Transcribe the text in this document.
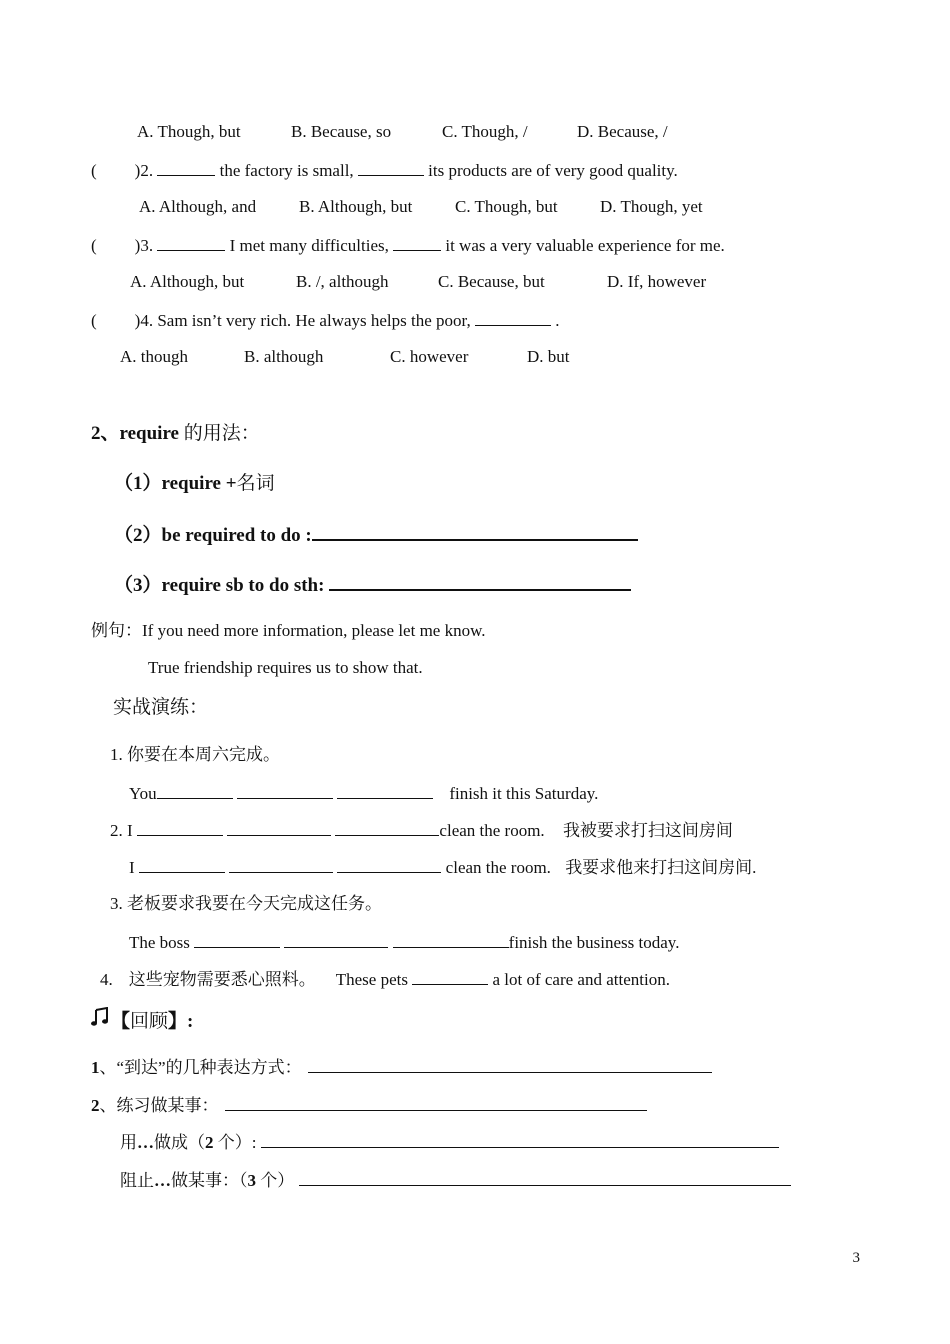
A. Though, but	B. Because, so	C. Though, /	D. Because, /
( )2.	the factory is small,	its products are of very good quality.
A. Although, and	B. Although, but	C. Though, but D. Though, yet
( )3.	I met many difficulties,	it was a very valuable experience for me.
A. Although, but	B. /, although	C. Because, but	D. If, however
( )4. Sam isn’t very rich. He always helps the poor,	.
A. though	B. although	C. however	D. but
2、require 的用法：
（1）require +名词
（2）be required to do :
（3）require sb to do sth:
例句：If you need more information, please let me know.
True friendship requires us to show that.
实战演练：
1. 你要在本周六完成。
You	finish it this Saturday.
2. I	clean the room. 我被要求打扫这间房间
I	clean the room. 我要求他来打扫这间房间.
3. 老板要求我要在今天完成这任务。
The boss	finish the business today.
4. 这些宠物需要悉心照料。 These pets	a lot of care and attention.
【回顾】:
1、“到达”的几种表达方式：
2、练习做某事：
用…做成（2 个）:
阻止…做某事：（3 个）
3
